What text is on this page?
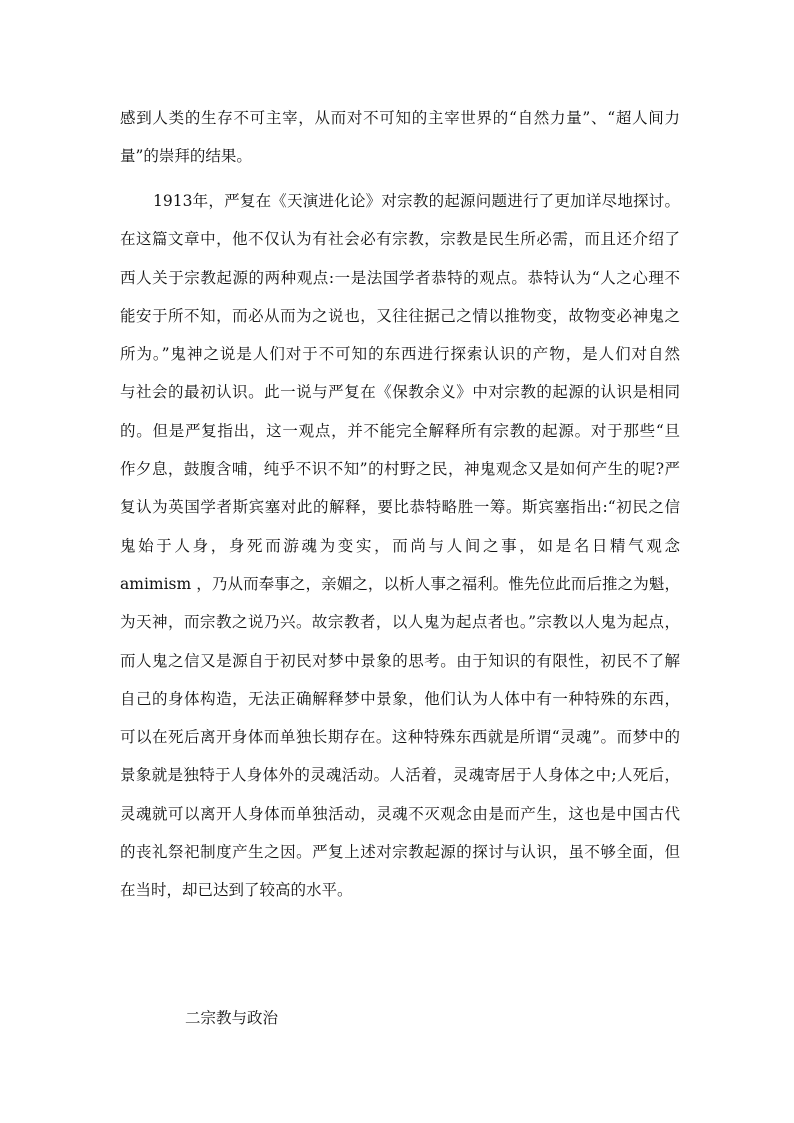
感到人类的生存不可主宰，从而对不可知的主宰世界的“自然力量”、“超人间力
量”的崇拜的结果。
1913年，严复在《天演进化论》对宗教的起源问题进行了更加详尽地探讨。
在这篇文章中，他不仅认为有社会必有宗教，宗教是民生所必需，而且还介绍了
西人关于宗教起源的两种观点:一是法国学者恭特的观点。恭特认为“人之心理不
能安于所不知，而必从而为之说也，又往往据己之情以推物变，故物变必神鬼之
所为。”鬼神之说是人们对于不可知的东西进行探索认识的产物，是人们对自然
与社会的最初认识。此一说与严复在《保教余义》中对宗教的起源的认识是相同
的。但是严复指出，这一观点，并不能完全解释所有宗教的起源。对于那些“旦
作夕息，鼓腹含哺，纯乎不识不知”的村野之民，神鬼观念又是如何产生的呢?严
复认为英国学者斯宾塞对此的解释，要比恭特略胜一筹。斯宾塞指出:“初民之信
鬼始于人身，身死而游魂为变实，而尚与人间之事，如是名日精气观念
amimism ，乃从而奉事之，亲媚之，以析人事之福利。惟先位此而后推之为魁，
为天神，而宗教之说乃兴。故宗教者，以人鬼为起点者也。”宗教以人鬼为起点，
而人鬼之信又是源自于初民对梦中景象的思考。由于知识的有限性，初民不了解
自己的身体构造，无法正确解释梦中景象，他们认为人体中有一种特殊的东西，
可以在死后离开身体而单独长期存在。这种特殊东西就是所谓“灵魂”。而梦中的
景象就是独特于人身体外的灵魂活动。人活着，灵魂寄居于人身体之中;人死后，
灵魂就可以离开人身体而单独活动，灵魂不灭观念由是而产生，这也是中国古代
的丧礼祭祀制度产生之因。严复上述对宗教起源的探讨与认识，虽不够全面，但
在当时，却已达到了较高的水平。
二宗教与政治
